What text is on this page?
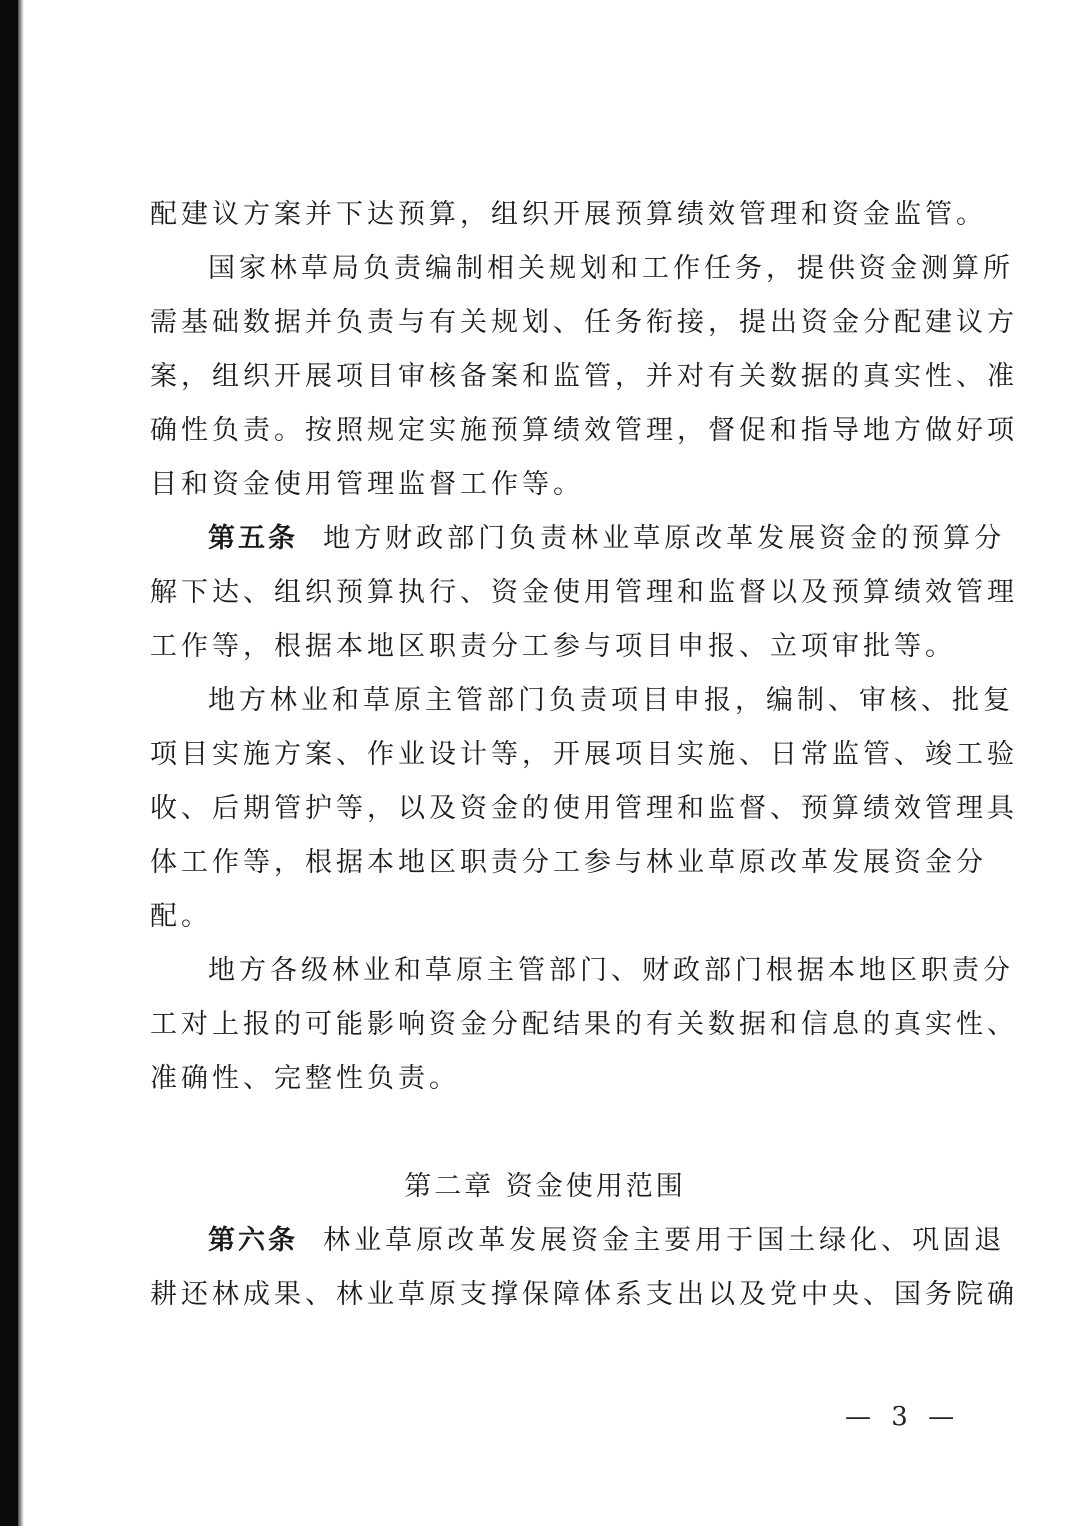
配建议方案并下达预算，组织开展预算绩效管理和资金监管。

国家林草局负责编制相关规划和工作任务，提供资金测算所

需基础数据并负责与有关规划、任务衔接，提出资金分配建议方

案，组织开展项目审核备案和监管，并对有关数据的真实性、准

确性负责。按照规定实施预算绩效管理，督促和指导地方做好项

目和资金使用管理监督工作等。

第五条 地方财政部门负责林业草原改革发展资金的预算分

解下达、组织预算执行、资金使用管理和监督以及预算绩效管理

工作等，根据本地区职责分工参与项目申报、立项审批等。

地方林业和草原主管部门负责项目申报，编制、审核、批复

项目实施方案、作业设计等，开展项目实施、日常监管、竣工验

收、后期管护等，以及资金的使用管理和监督、预算绩效管理具

体工作等，根据本地区职责分工参与林业草原改革发展资金分

配。

地方各级林业和草原主管部门、财政部门根据本地区职责分

工对上报的可能影响资金分配结果的有关数据和信息的真实性、

准确性、完整性负责。

第二章 资金使用范围

第六条 林业草原改革发展资金主要用于国土绿化、巩固退

耕还林成果、林业草原支撑保障体系支出以及党中央、国务院确

— 3 —
